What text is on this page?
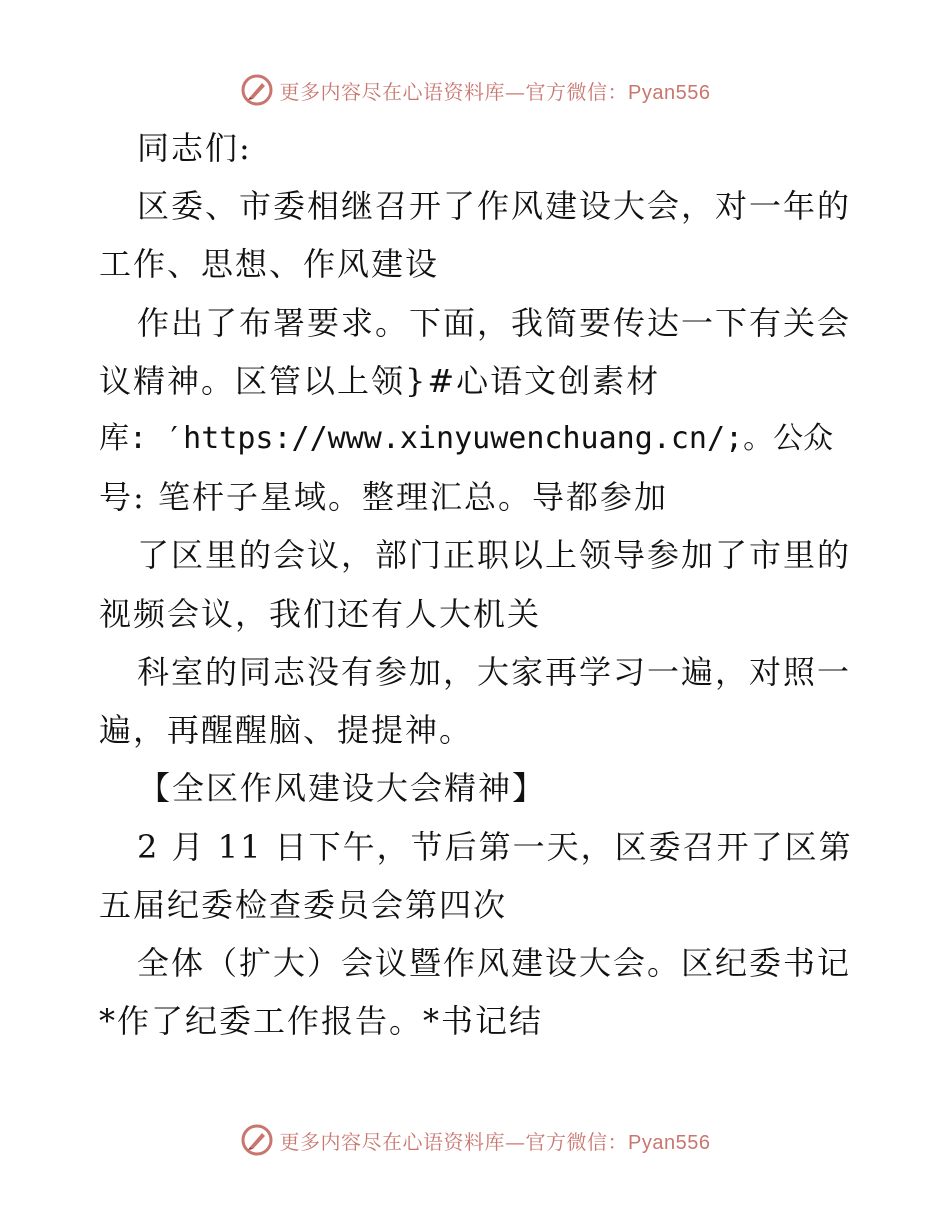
更多内容尽在心语资料库—官方微信：Pyan556
同志们:
区委、市委相继召开了作风建设大会，对一年的
工作、思想、作风建设
作出了布署要求。下面，我简要传达一下有关会
议精神。区管以上领}#心语文创素材
库: ′https://www.xinyuwenchuang.cn/;。公众
号: 笔杆子星域。整理汇总。导都参加
了区里的会议，部门正职以上领导参加了市里的
视频会议，我们还有人大机关
科室的同志没有参加，大家再学习一遍，对照一
遍，再醒醒脑、提提神。
【全区作风建设大会精神】
2 月 11 日下午，节后第一天，区委召开了区第
五届纪委检查委员会第四次
全体（扩大）会议暨作风建设大会。区纪委书记
*作了纪委工作报告。*书记结
更多内容尽在心语资料库—官方微信：Pyan556
